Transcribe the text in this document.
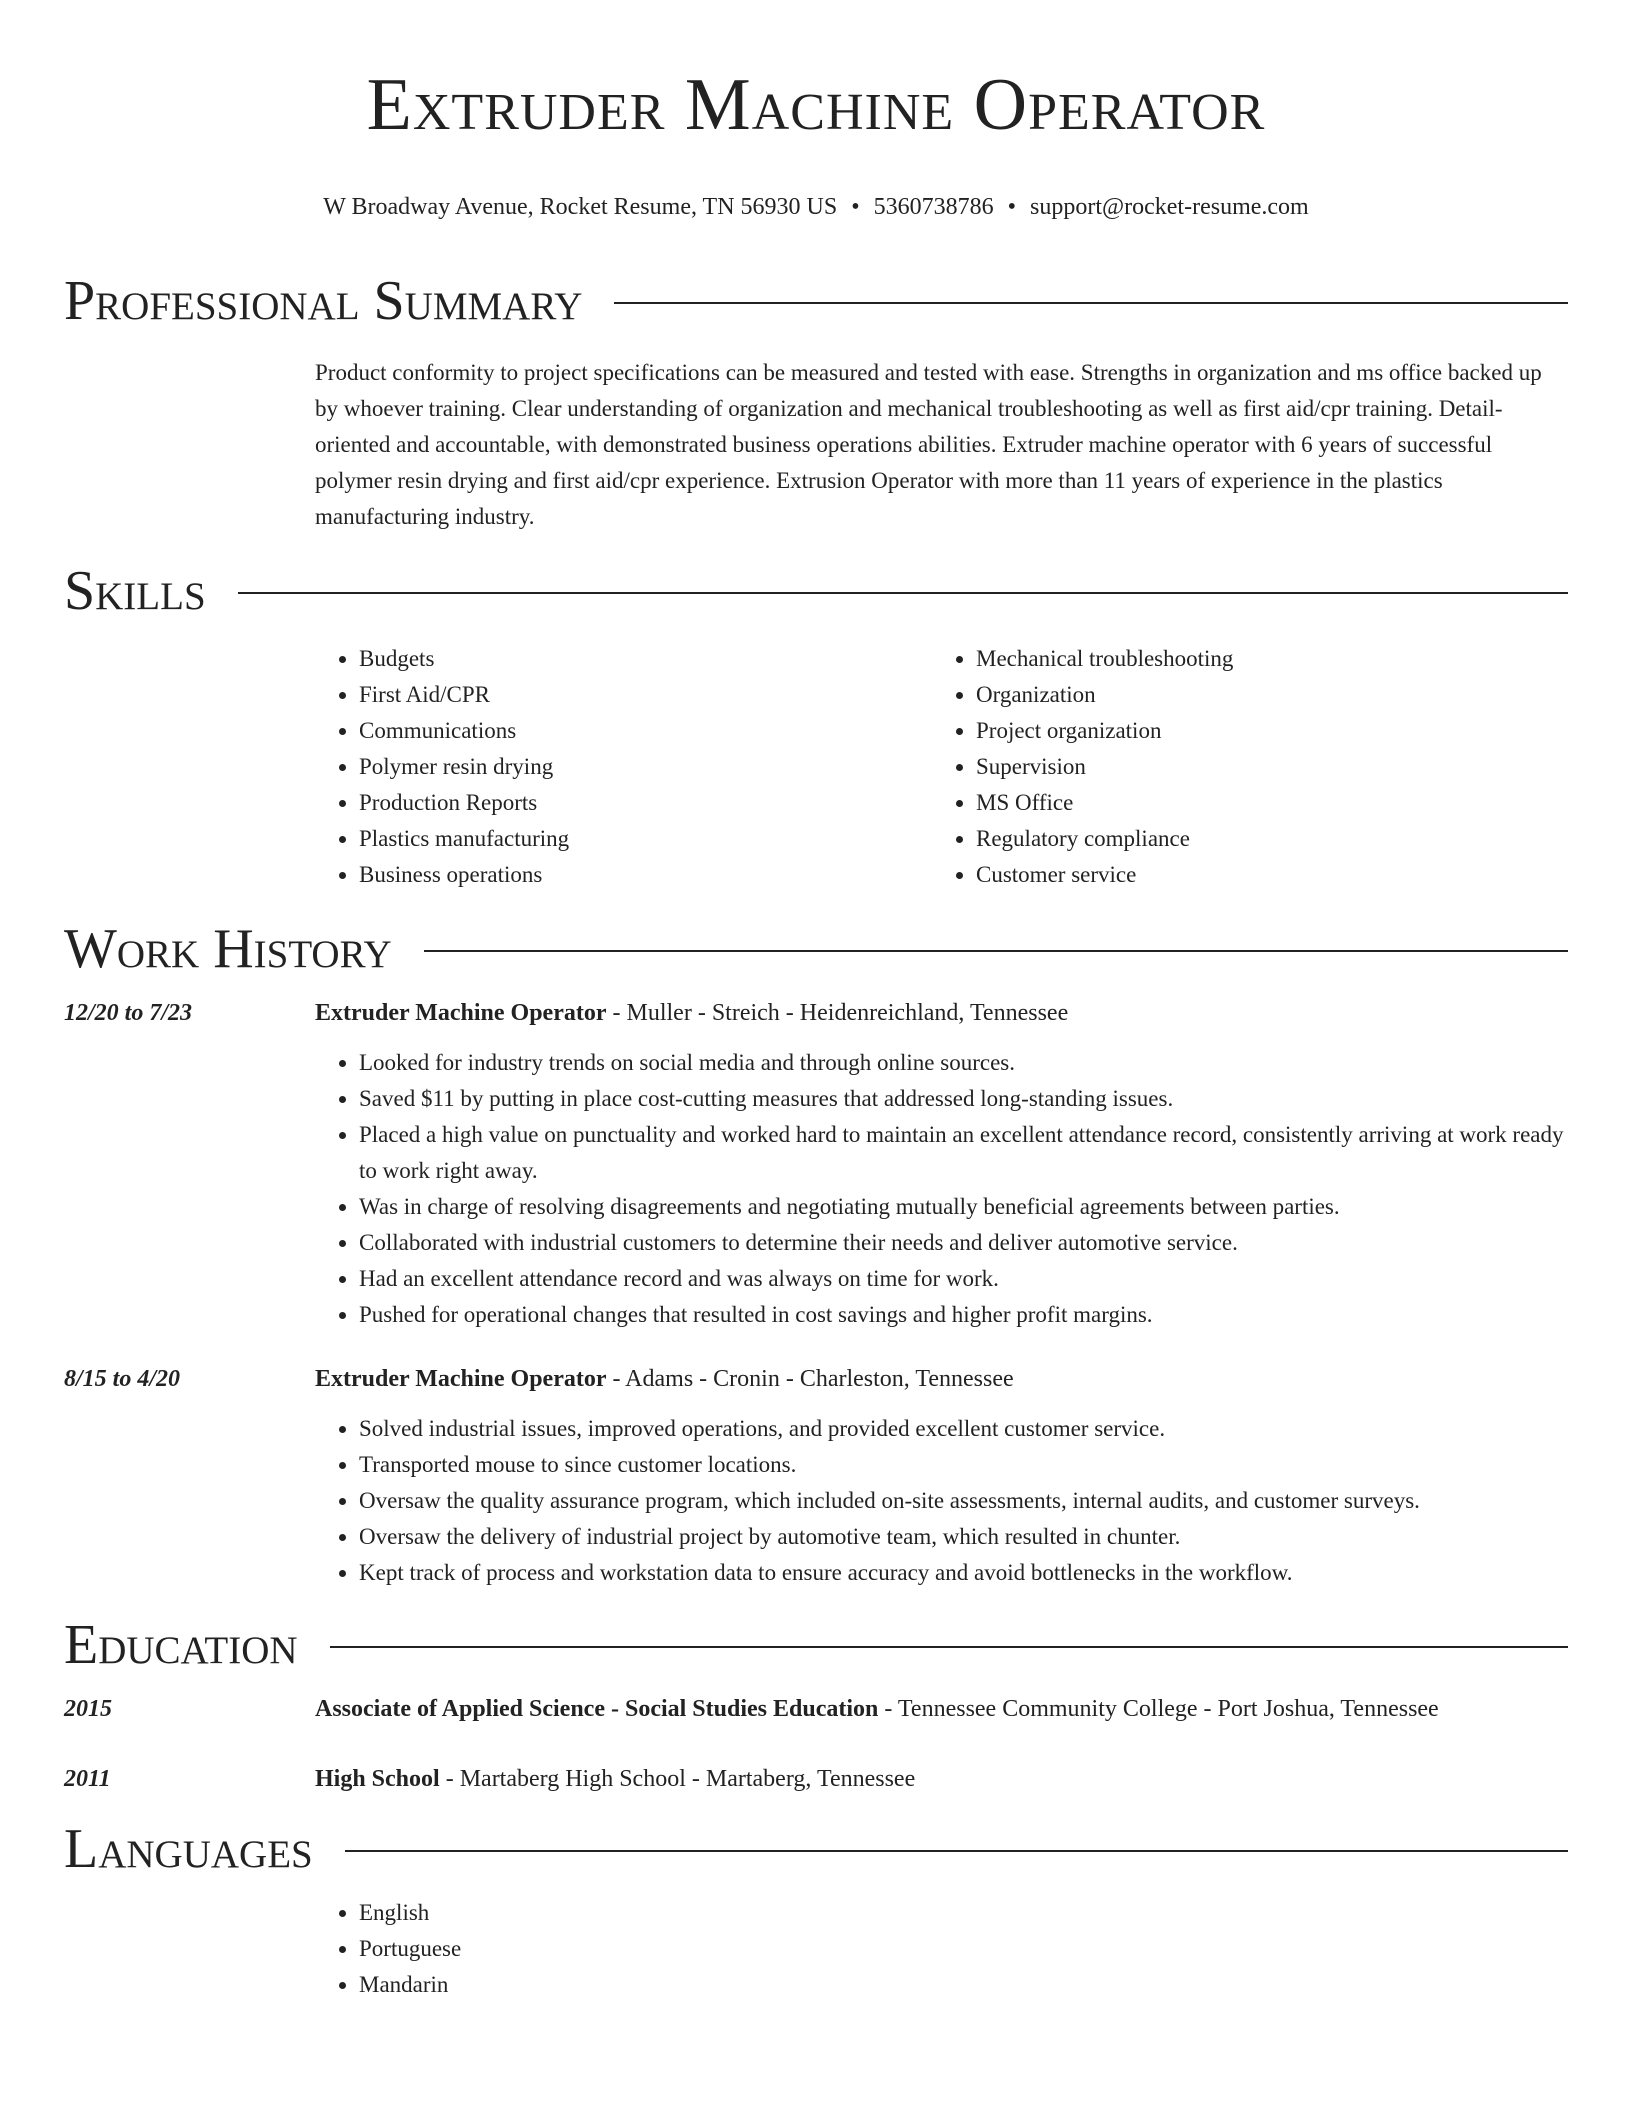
Extruder Machine Operator
W Broadway Avenue, Rocket Resume, TN 56930 US • 5360738786 • support@rocket-resume.com
Professional Summary

Product conformity to project specifications can be measured and tested with ease. Strengths in organization and ms office backed up by whoever training. Clear understanding of organization and mechanical troubleshooting as well as first aid/cpr training. Detail-oriented and accountable, with demonstrated business operations abilities. Extruder machine operator with 6 years of successful polymer resin drying and first aid/cpr experience. Extrusion Operator with more than 11 years of experience in the plastics manufacturing industry.

Skills
• Budgets
• First Aid/CPR
• Communications
• Polymer resin drying
• Production Reports
• Plastics manufacturing
• Business operations
• Mechanical troubleshooting
• Organization
• Project organization
• Supervision
• MS Office
• Regulatory compliance
• Customer service
Work History
12/20 to 7/23	Extruder Machine Operator - Muller - Streich - Heidenreichland, Tennessee
• Looked for industry trends on social media and through online sources.
• Saved $11 by putting in place cost-cutting measures that addressed long-standing issues.
• Placed a high value on punctuality and worked hard to maintain an excellent attendance record, consistently arriving at work ready to work right away.
• Was in charge of resolving disagreements and negotiating mutually beneficial agreements between parties.
• Collaborated with industrial customers to determine their needs and deliver automotive service.
• Had an excellent attendance record and was always on time for work.
• Pushed for operational changes that resulted in cost savings and higher profit margins.
8/15 to 4/20	Extruder Machine Operator - Adams - Cronin - Charleston, Tennessee
• Solved industrial issues, improved operations, and provided excellent customer service.
• Transported mouse to since customer locations.
• Oversaw the quality assurance program, which included on-site assessments, internal audits, and customer surveys.
• Oversaw the delivery of industrial project by automotive team, which resulted in chunter.
• Kept track of process and workstation data to ensure accuracy and avoid bottlenecks in the workflow.
Education
2015	Associate of Applied Science - Social Studies Education - Tennessee Community College - Port Joshua, Tennessee
2011	High School - Martaberg High School - Martaberg, Tennessee
Languages
• English
• Portuguese
• Mandarin
